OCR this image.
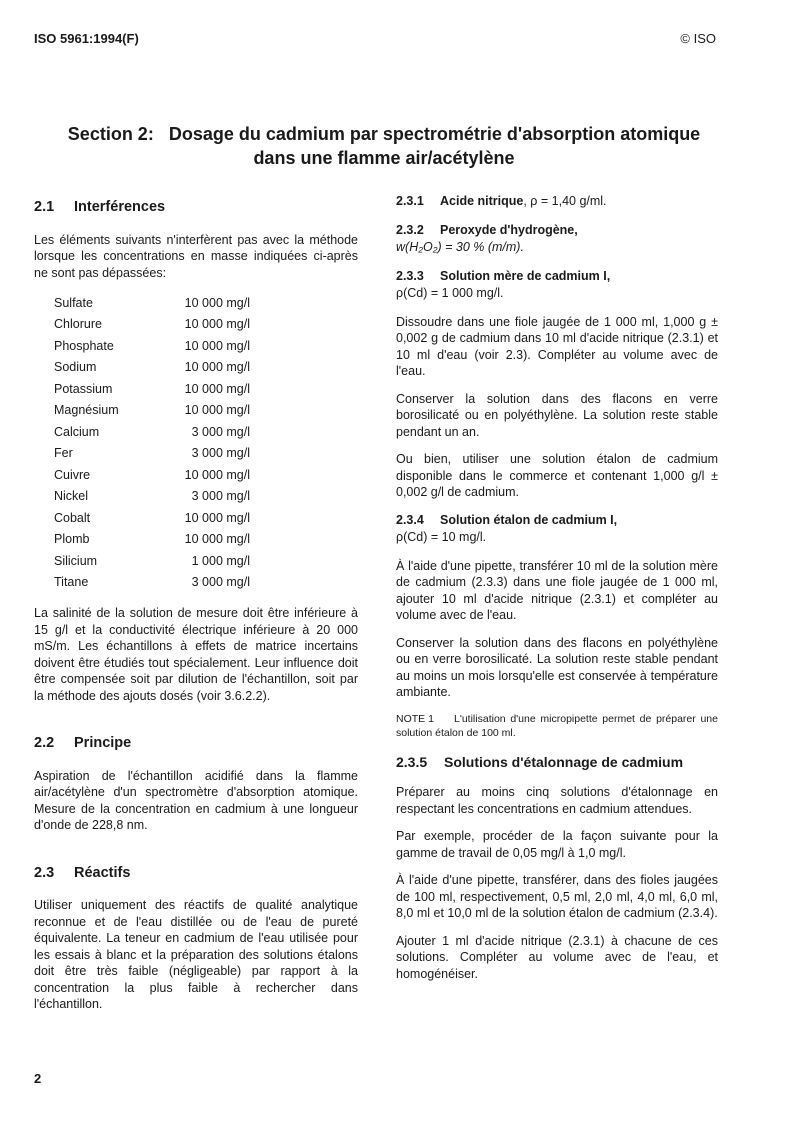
ISO 5961:1994(F)	© ISO
Section 2:   Dosage du cadmium par spectrométrie d'absorption atomique
dans une flamme air/acétylène
2.1 Interférences

Les éléments suivants n'interfèrent pas avec la méthode lorsque les concentrations en masse indiquées ci-après ne sont pas dépassées:

Sulfate	10 000 mg/l
Chlorure	10 000 mg/l
Phosphate	10 000 mg/l
Sodium	10 000 mg/l
Potassium	10 000 mg/l
Magnésium	10 000 mg/l
Calcium	3 000 mg/l
Fer	3 000 mg/l
Cuivre	10 000 mg/l
Nickel	3 000 mg/l
Cobalt	10 000 mg/l
Plomb	10 000 mg/l
Silicium	1 000 mg/l
Titane	3 000 mg/l

La salinité de la solution de mesure doit être inférieure à 15 g/l et la conductivité électrique inférieure à 20 000 mS/m. Les échantillons à effets de matrice incertains doivent être étudiés tout spécialement. Leur influence doit être compensée soit par dilution de l'échantillon, soit par la méthode des ajouts dosés (voir 3.6.2.2).

2.2 Principe

Aspiration de l'échantillon acidifié dans la flamme air/acétylène d'un spectromètre d'absorption atomique. Mesure de la concentration en cadmium à une longueur d'onde de 228,8 nm.

2.3 Réactifs

Utiliser uniquement des réactifs de qualité analytique reconnue et de l'eau distillée ou de l'eau de pureté équivalente. La teneur en cadmium de l'eau utilisée pour les essais à blanc et la préparation des solutions étalons doit être très faible (négligeable) par rapport à la concentration la plus faible à rechercher dans l'échantillon.

2.3.1 Acide nitrique, ρ = 1,40 g/ml.
2.3.2 Peroxyde d'hydrogène,
w(H₂O₂) = 30 % (m/m).
2.3.3 Solution mère de cadmium I,
ρ(Cd) = 1 000 mg/l.

Dissoudre dans une fiole jaugée de 1 000 ml, 1,000 g ± 0,002 g de cadmium dans 10 ml d'acide nitrique (2.3.1) et 10 ml d'eau (voir 2.3). Compléter au volume avec de l'eau.

Conserver la solution dans des flacons en verre borosilicaté ou en polyéthylène. La solution reste stable pendant un an.

Ou bien, utiliser une solution étalon de cadmium disponible dans le commerce et contenant 1,000 g/l ± 0,002 g/l de cadmium.

2.3.4 Solution étalon de cadmium I,
ρ(Cd) = 10 mg/l.

À l'aide d'une pipette, transférer 10 ml de la solution mère de cadmium (2.3.3) dans une fiole jaugée de 1 000 ml, ajouter 10 ml d'acide nitrique (2.3.1) et compléter au volume avec de l'eau.

Conserver la solution dans des flacons en polyéthylène ou en verre borosilicaté. La solution reste stable pendant au moins un mois lorsqu'elle est conservée à température ambiante.

NOTE 1 L'utilisation d'une micropipette permet de préparer une solution étalon de 100 ml.

2.3.5 Solutions d'étalonnage de cadmium

Préparer au moins cinq solutions d'étalonnage en respectant les concentrations en cadmium attendues.

Par exemple, procéder de la façon suivante pour la gamme de travail de 0,05 mg/l à 1,0 mg/l.

À l'aide d'une pipette, transférer, dans des fioles jaugées de 100 ml, respectivement, 0,5 ml, 2,0 ml, 4,0 ml, 6,0 ml, 8,0 ml et 10,0 ml de la solution étalon de cadmium (2.3.4).

Ajouter 1 ml d'acide nitrique (2.3.1) à chacune de ces solutions. Compléter au volume avec de l'eau, et homogénéiser.

2
